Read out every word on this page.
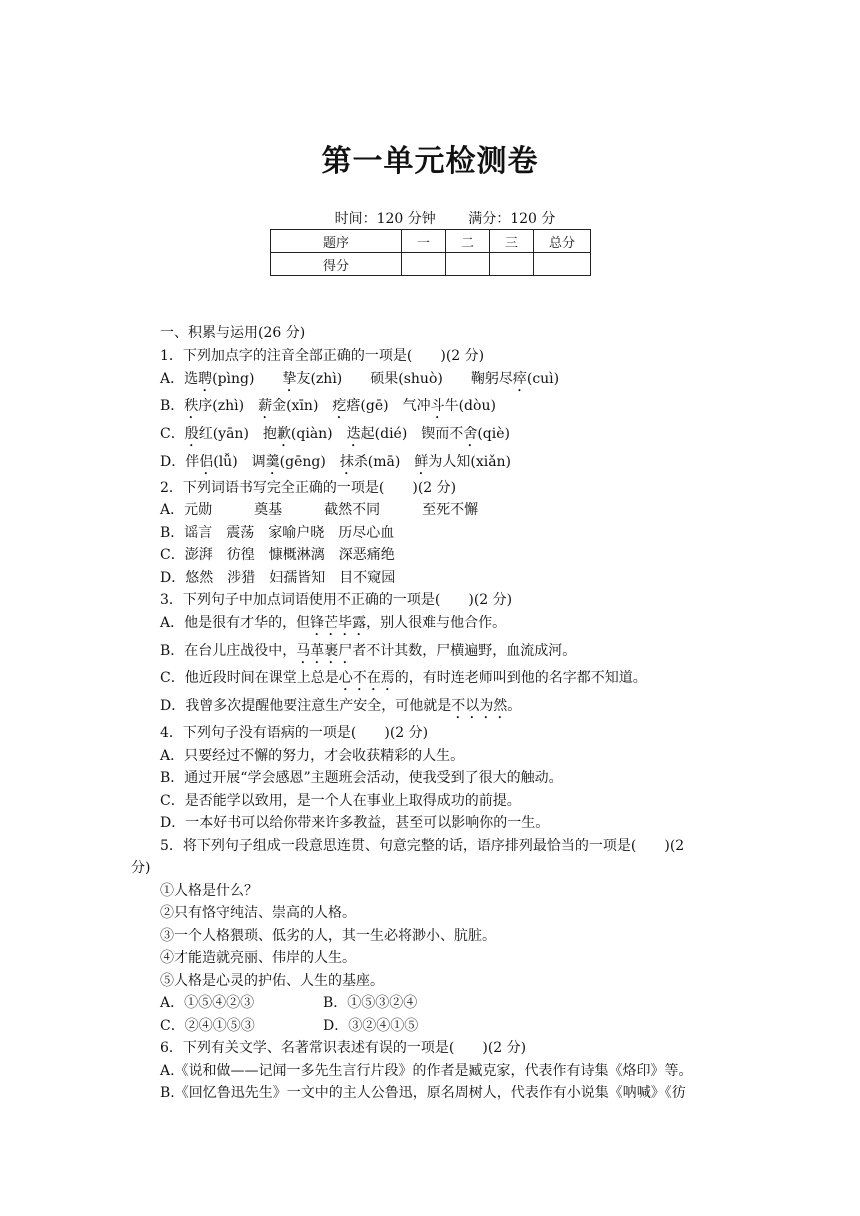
第一单元检测卷
时间：120 分钟 满分：120 分
题序	一	二	三	总分
得分				
一、积累与运用(26 分)
1．下列加点字的注音全部正确的一项是(　　)(2 分)
A．选聘(pìng)　　挚友(zhì)　　硕果(shuò)　　鞠躬尽瘁(cuì)
B．秩序(zhì)　薪金(xīn)　疙瘩(gē)　气冲斗牛(dòu)
C．殷红(yān)　抱歉(qiàn)　迭起(dié)　锲而不舍(qiè)
D．伴侣(lǚ)　调羹(gēng)　抹杀(mā)　鲜为人知(xiǎn)
2．下列词语书写完全正确的一项是(　　)(2 分)
A．元勋　　　奠基　　　截然不同　　　至死不懈
B．谣言　震荡　家喻户晓　历尽心血
C．澎湃　彷徨　慷概淋漓　深恶痛绝
D．悠然　涉猎　妇孺皆知　目不窥园
3．下列句子中加点词语使用不正确的一项是(　　)(2 分)
A．他是很有才华的，但锋芒毕露，别人很难与他合作。
B．在台儿庄战役中，马革裹尸者不计其数，尸横遍野，血流成河。
C．他近段时间在课堂上总是心不在焉的，有时连老师叫到他的名字都不知道。
D．我曾多次提醒他要注意生产安全，可他就是不以为然。
4．下列句子没有语病的一项是(　　)(2 分)
A．只要经过不懈的努力，才会收获精彩的人生。
B．通过开展“学会感恩”主题班会活动，使我受到了很大的触动。
C．是否能学以致用，是一个人在事业上取得成功的前提。
D．一本好书可以给你带来许多教益，甚至可以影响你的一生。
5．将下列句子组成一段意思连贯、句意完整的话，语序排列最恰当的一项是(　　)(2
分)
①人格是什么？
②只有恪守纯洁、崇高的人格。
③一个人格猥琐、低劣的人，其一生必将渺小、肮脏。
④才能造就亮丽、伟岸的人生。
⑤人格是心灵的护佑、人生的基座。
A．①⑤④②③	B．①⑤③②④
C．②④①⑤③	D．③②④①⑤
6．下列有关文学、名著常识表述有误的一项是(　　)(2 分)
A.《说和做——记闻一多先生言行片段》的作者是臧克家，代表作有诗集《烙印》等。
B.《回忆鲁迅先生》一文中的主人公鲁迅，原名周树人，代表作有小说集《呐喊》《彷
